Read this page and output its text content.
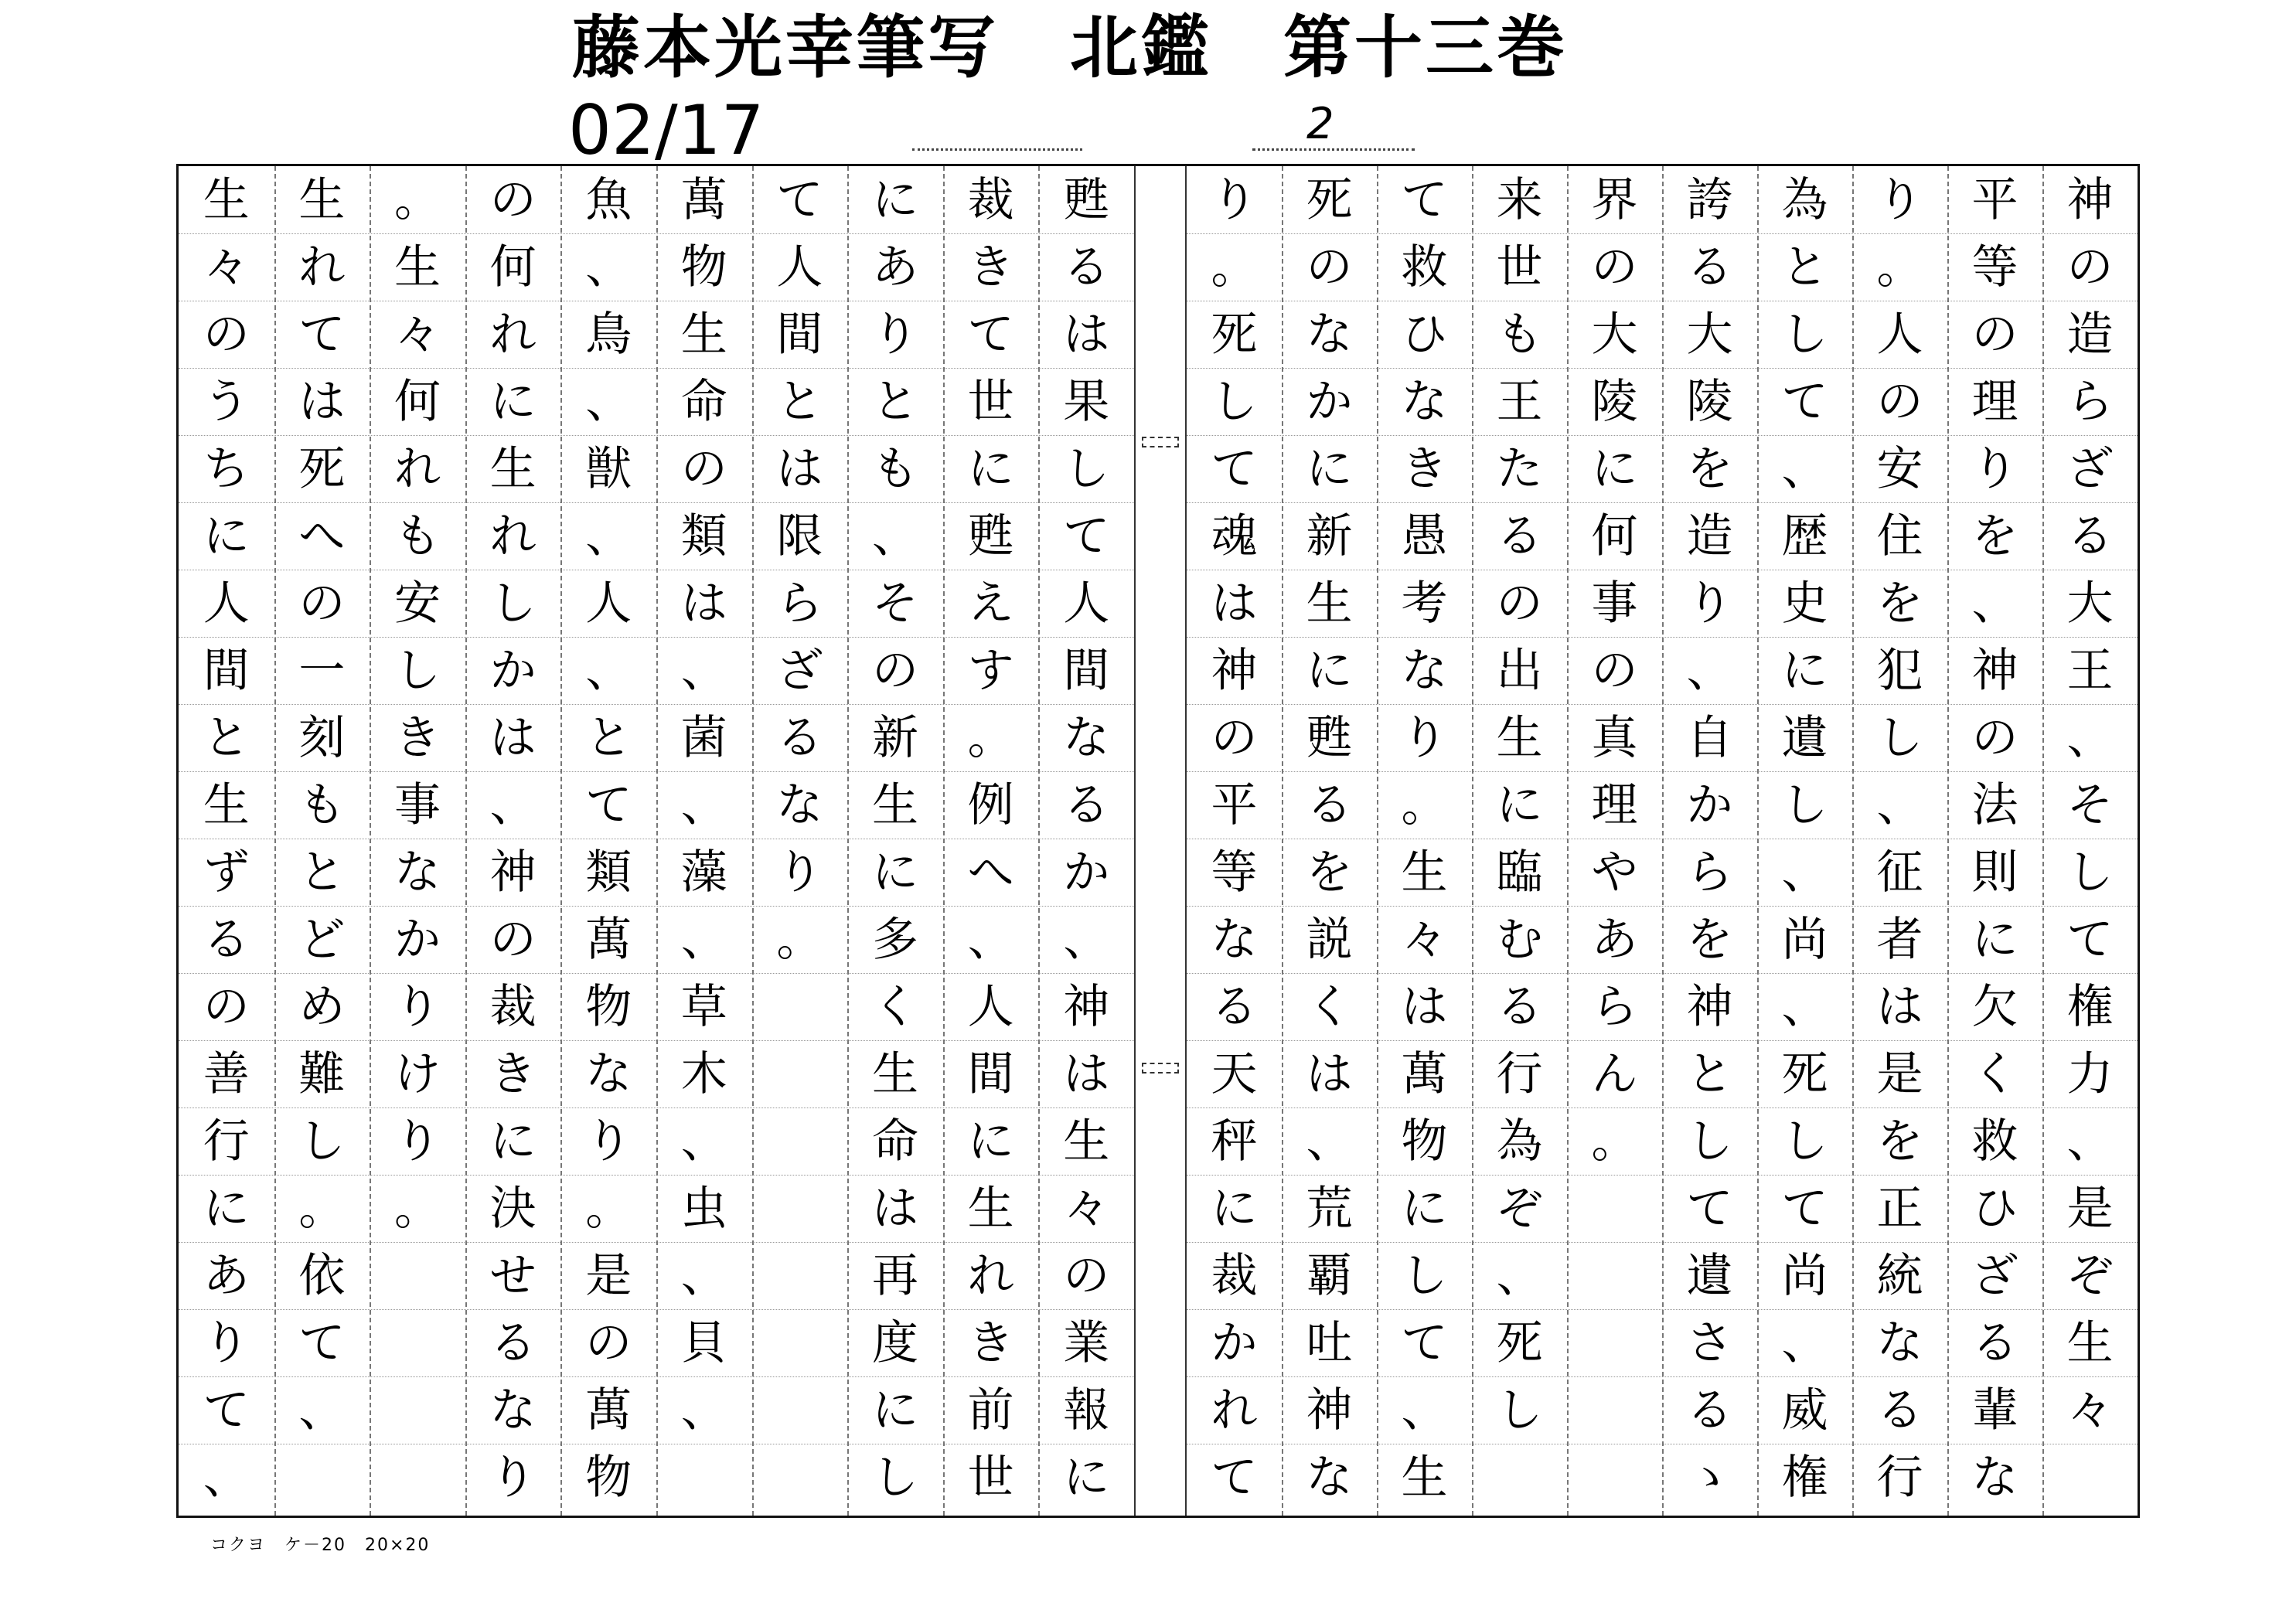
藤本光幸筆写　北鑑　第十三巻
02/17	2
甦
る
は
果
し
て
人
間
な
る
か
、
神
は
生
々
の
業
報
に
裁
き
て
世
に
甦
え
す
。
例
へ
、
人
間
に
生
れ
き
前
世
に
あ
り
と
も
、
そ
の
新
生
に
多
く
生
命
は
再
度
に
し
て
人
間
と
は
限
ら
ざ
る
な
り
。
萬
物
生
命
の
類
は
、
菌
、
藻
、
草
木
、
虫
、
貝
、
魚
、
鳥
、
獣
、
人
、
と
て
類
萬
物
な
り
。
是
の
萬
物
の
何
れ
に
生
れ
し
か
は
、
神
の
裁
き
に
決
せ
る
な
り
。
生
々
何
れ
も
安
し
き
事
な
か
り
け
り
。
生
れ
て
は
死
へ
の
一
刻
も
と
ど
め
難
し
。
依
て
、
生
々
の
う
ち
に
人
間
と
生
ず
る
の
善
行
に
あ
り
て
、
神
の
造
ら
ざ
る
大
王
、
そ
し
て
権
力
、
是
ぞ
生
々
平
等
の
理
り
を
、
神
の
法
則
に
欠
く
救
ひ
ざ
る
輩
な
り
。
人
の
安
住
を
犯
し
、
征
者
は
是
を
正
統
な
る
行
為
と
し
て
、
歴
史
に
遺
し
、
尚
、
死
し
て
尚
、
威
権
誇
る
大
陵
を
造
り
、
自
か
ら
を
神
と
し
て
遺
さ
る
ゝ
界
の
大
陵
に
何
事
の
真
理
や
あ
ら
ん
。
来
世
も
王
た
る
の
出
生
に
臨
む
る
行
為
ぞ
、
死
し
て
救
ひ
な
き
愚
考
な
り
。
生
々
は
萬
物
に
し
て
、
生
死
の
な
か
に
新
生
に
甦
る
を
説
く
は
、
荒
覇
吐
神
な
り
。
死
し
て
魂
は
神
の
平
等
な
る
天
秤
に
裁
か
れ
て
コクヨ　ケ－20　20×20
